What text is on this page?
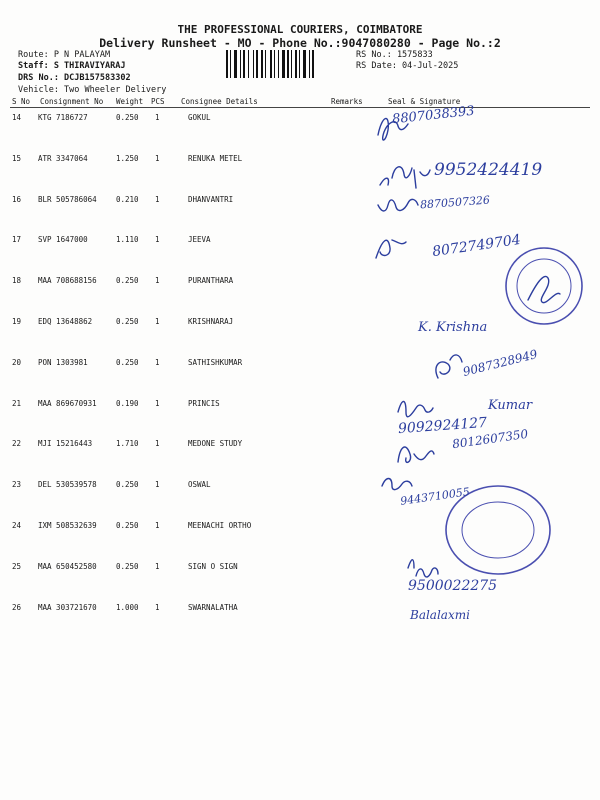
THE PROFESSIONAL COURIERS, COIMBATORE
Delivery Runsheet - MO - Phone No.:9047080280 - Page No.:2
Route: P N PALAYAM
Staff: S THIRAVIYARAJ
DRS No.: DCJB157583302
Vehicle: Two Wheeler Delivery
RS No.: 1575833
RS Date: 04-Jul-2025
S No Consignment No Weight PCS Consignee Details	Remarks	Seal & Signature
14 KTG 7186727	0.250 1	GOKUL
15 ATR 3347064	1.250 1	RENUKA METEL
16 BLR 505786064	0.210 1	DHANVANTRI
17 SVP 1647000	1.110 1	JEEVA
18 MAA 708688156	0.250 1	PURANTHARA
19 EDQ 13648862	0.250 1	KRISHNARAJ
20 PON 1303981	0.250 1	SATHISHKUMAR
21 MAA 869670931	0.190 1	PRINCIS
22 MJI 15216443	1.710 1	MEDONE STUDY
23 DEL 530539578	0.250 1	OSWAL
24 IXM 508532639	0.250 1	MEENACHI ORTHO
25 MAA 650452580	0.250 1	SIGN O SIGN
26 MAA 303721670	1.000 1	SWARNALATHA
8807038393
9952424419
8870507326
8072749704
K. Krishna
9087328949
Kumar
9092924127
8012607350
9443710055
9500022275
Balalaxmi
